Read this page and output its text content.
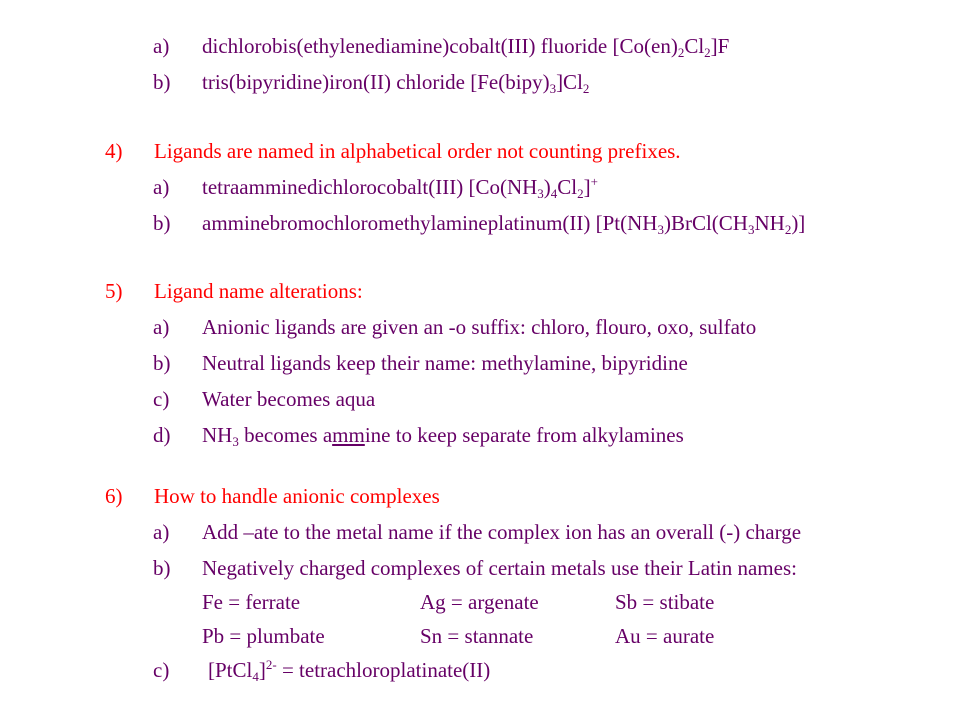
a) dichlorobis(ethylenediamine)cobalt(III) fluoride $[Co(en)_2Cl_2]F$
b) tris(bipyridine)iron(II) chloride $[Fe(bipy)_3]Cl_2$
4) Ligands are named in alphabetical order not counting prefixes.
a) tetraamminedichlorocobalt(III) $[Co(NH_3)_4Cl_2]^+$
b) amminebromochloromethylamineplatinum(II) $[Pt(NH_3)BrCl(CH_3NH_2)]$
5) Ligand name alterations:
a) Anionic ligands are given an -o suffix: chloro, flouro, oxo, sulfato
b) Neutral ligands keep their name: methylamine, bipyridine
c) Water becomes aqua
d) $NH_3$ becomes ammine to keep separate from alkylamines
6) How to handle anionic complexes
a) Add –ate to the metal name if the complex ion has an overall (-) charge
b) Negatively charged complexes of certain metals use their Latin names:
Fe = ferrate	Ag = argenate	Sb = stibate
Pb = plumbate	Sn = stannate	Au = aurate
c) [PtCl$_4$]$^{2-}$ = tetrachloroplatinate(II)
